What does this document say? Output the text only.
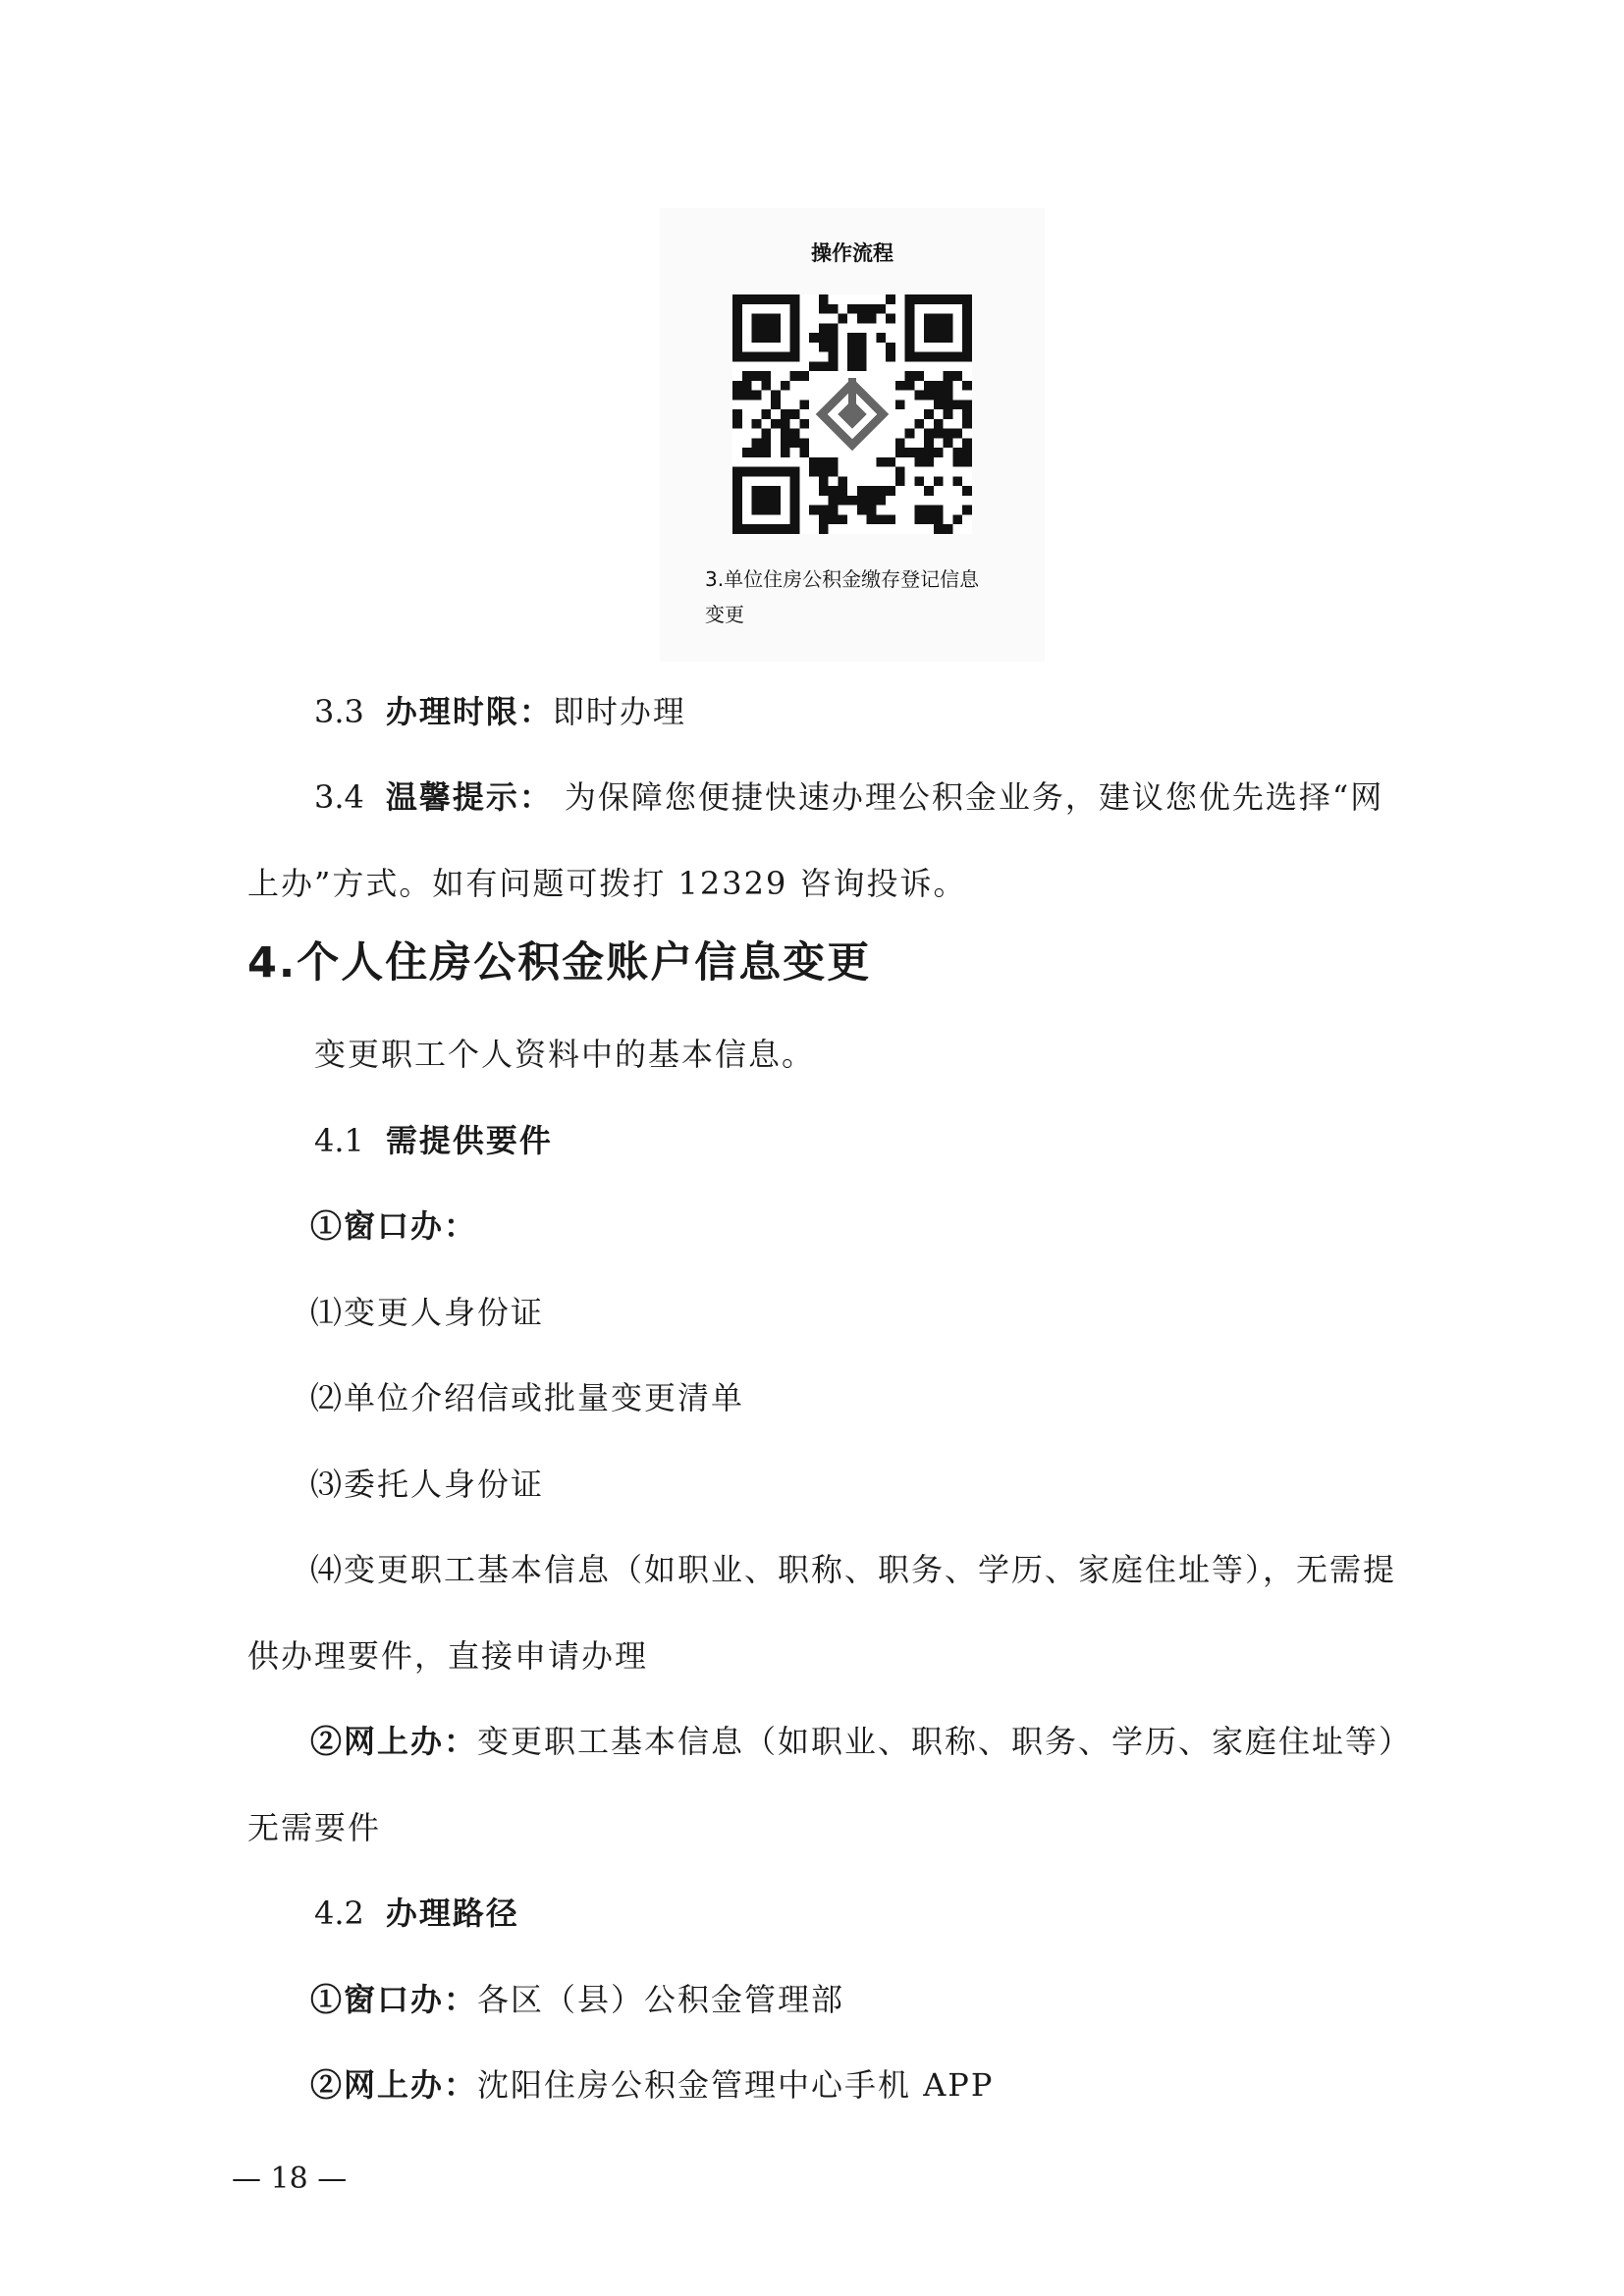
操作流程
3.单位住房公积金缴存登记信息
变更
3.3 办理时限：即时办理
3.4 温馨提示： 为保障您便捷快速办理公积金业务，建议您优先选择“网
上办”方式。如有问题可拨打 12329 咨询投诉。
4.个人住房公积金账户信息变更
变更职工个人资料中的基本信息。
4.1 需提供要件
①窗口办：
⑴变更人身份证
⑵单位介绍信或批量变更清单
⑶委托人身份证
⑷变更职工基本信息（如职业、职称、职务、学历、家庭住址等），无需提
供办理要件，直接申请办理
②网上办：变更职工基本信息（如职业、职称、职务、学历、家庭住址等）
无需要件
4.2 办理路径
①窗口办：各区（县）公积金管理部
②网上办：沈阳住房公积金管理中心手机 APP
— 18 —
